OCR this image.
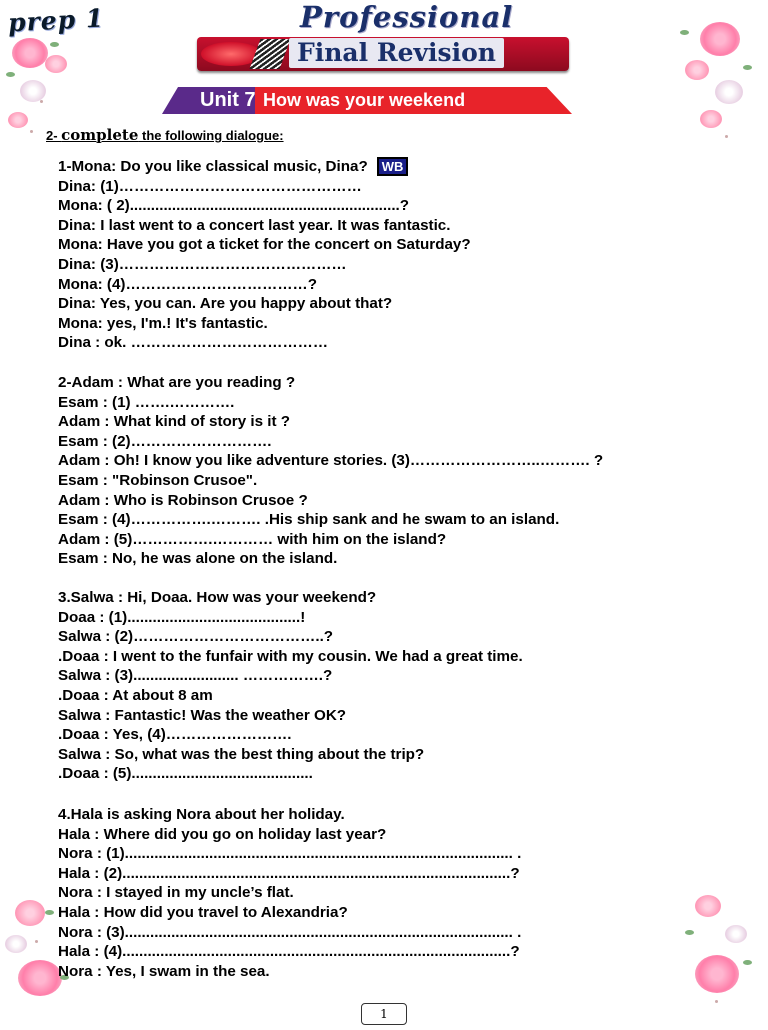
prep 1	Professional
Final Revision
Unit 7 How was your weekend
2- complete the following dialogue:
1-Mona: Do you like classical music, Dina? WB
Dina: (1)…………………………………………
Mona: ( 2)................................................................?
Dina: I last went to a concert last year. It was fantastic.
Mona: Have you got a ticket for the concert on Saturday?
Dina: (3)………………………………………
Mona: (4)………………………………?
Dina: Yes, you can. Are you happy about that?
Mona: yes, I'm.! It's fantastic.
Dina : ok. …………………………………
2-Adam : What are you reading ?
Esam : (1) …….………….
Adam : What kind of story is it ?
Esam : (2)……………………….
Adam : Oh! I know you like adventure stories. (3)……………………..………. ?
Esam : "Robinson Crusoe".
Adam : Who is Robinson Crusoe ?
Esam : (4)…………….………. .His ship sank and he swam to an island.
Adam : (5)…………….………… with him on the island?
Esam : No, he was alone on the island.
3.Salwa : Hi, Doaa. How was your weekend?
Doaa : (1).........................................!
Salwa : (2)………………………………..?
.Doaa : I went to the funfair with my cousin. We had a great time.
Salwa : (3)......................... …………….?
.Doaa : At about 8 am
Salwa : Fantastic! Was the weather OK?
.Doaa : Yes, (4)…………………….
Salwa : So, what was the best thing about the trip?
.Doaa : (5)...........................................
4.Hala is asking Nora about her holiday.
Hala : Where did you go on holiday last year?
Nora : (1)............................................................................................ .
Hala : (2)............................................................................................?
Nora : I stayed in my uncle’s flat.
Hala : How did you travel to Alexandria?
Nora : (3)............................................................................................ .
Hala : (4)............................................................................................?
Nora : Yes, I swam in the sea.
1
